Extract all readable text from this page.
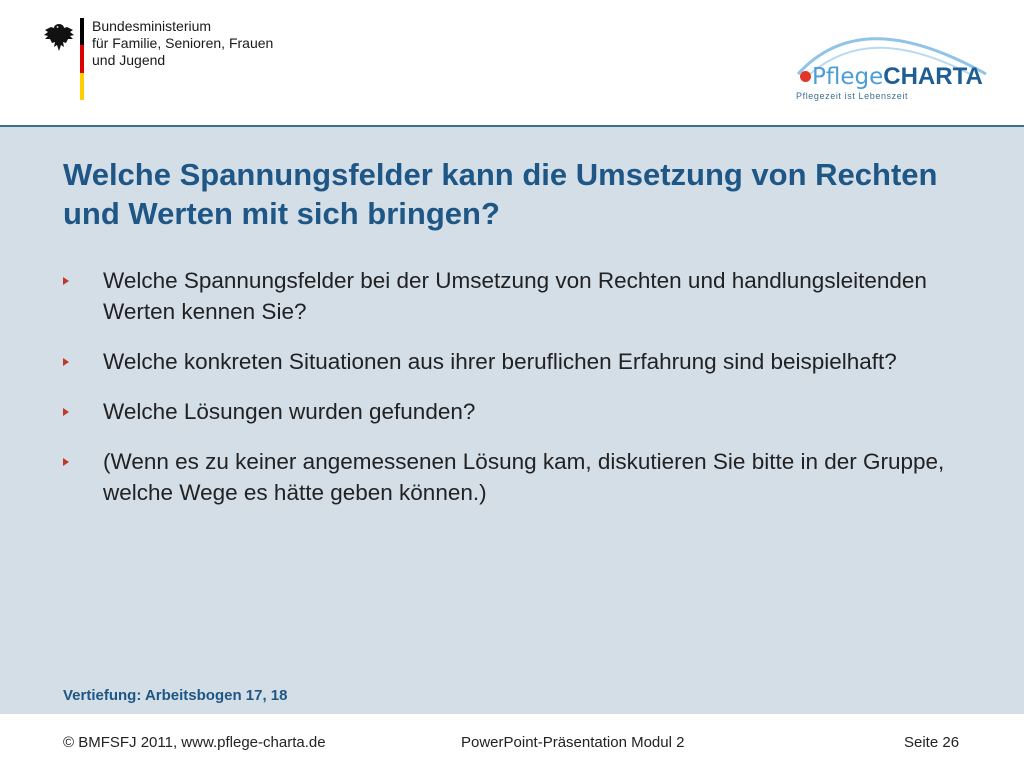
Bundesministerium
für Familie, Senioren, Frauen
und Jugend
PflegeCHARTA
Pflegezeit ist Lebenszeit
Welche Spannungsfelder kann die Umsetzung von Rechten und Werten mit sich bringen?
Welche Spannungsfelder bei der Umsetzung von Rechten und handlungsleitenden Werten kennen Sie?
Welche konkreten Situationen aus ihrer beruflichen Erfahrung sind beispielhaft?
Welche Lösungen wurden gefunden?
(Wenn es zu keiner angemessenen Lösung kam, diskutieren Sie bitte in der Gruppe, welche Wege es hätte geben können.)
Vertiefung: Arbeitsbogen 17, 18
© BMFSFJ 2011, www.pflege-charta.de	PowerPoint-Präsentation Modul 2	Seite 26
